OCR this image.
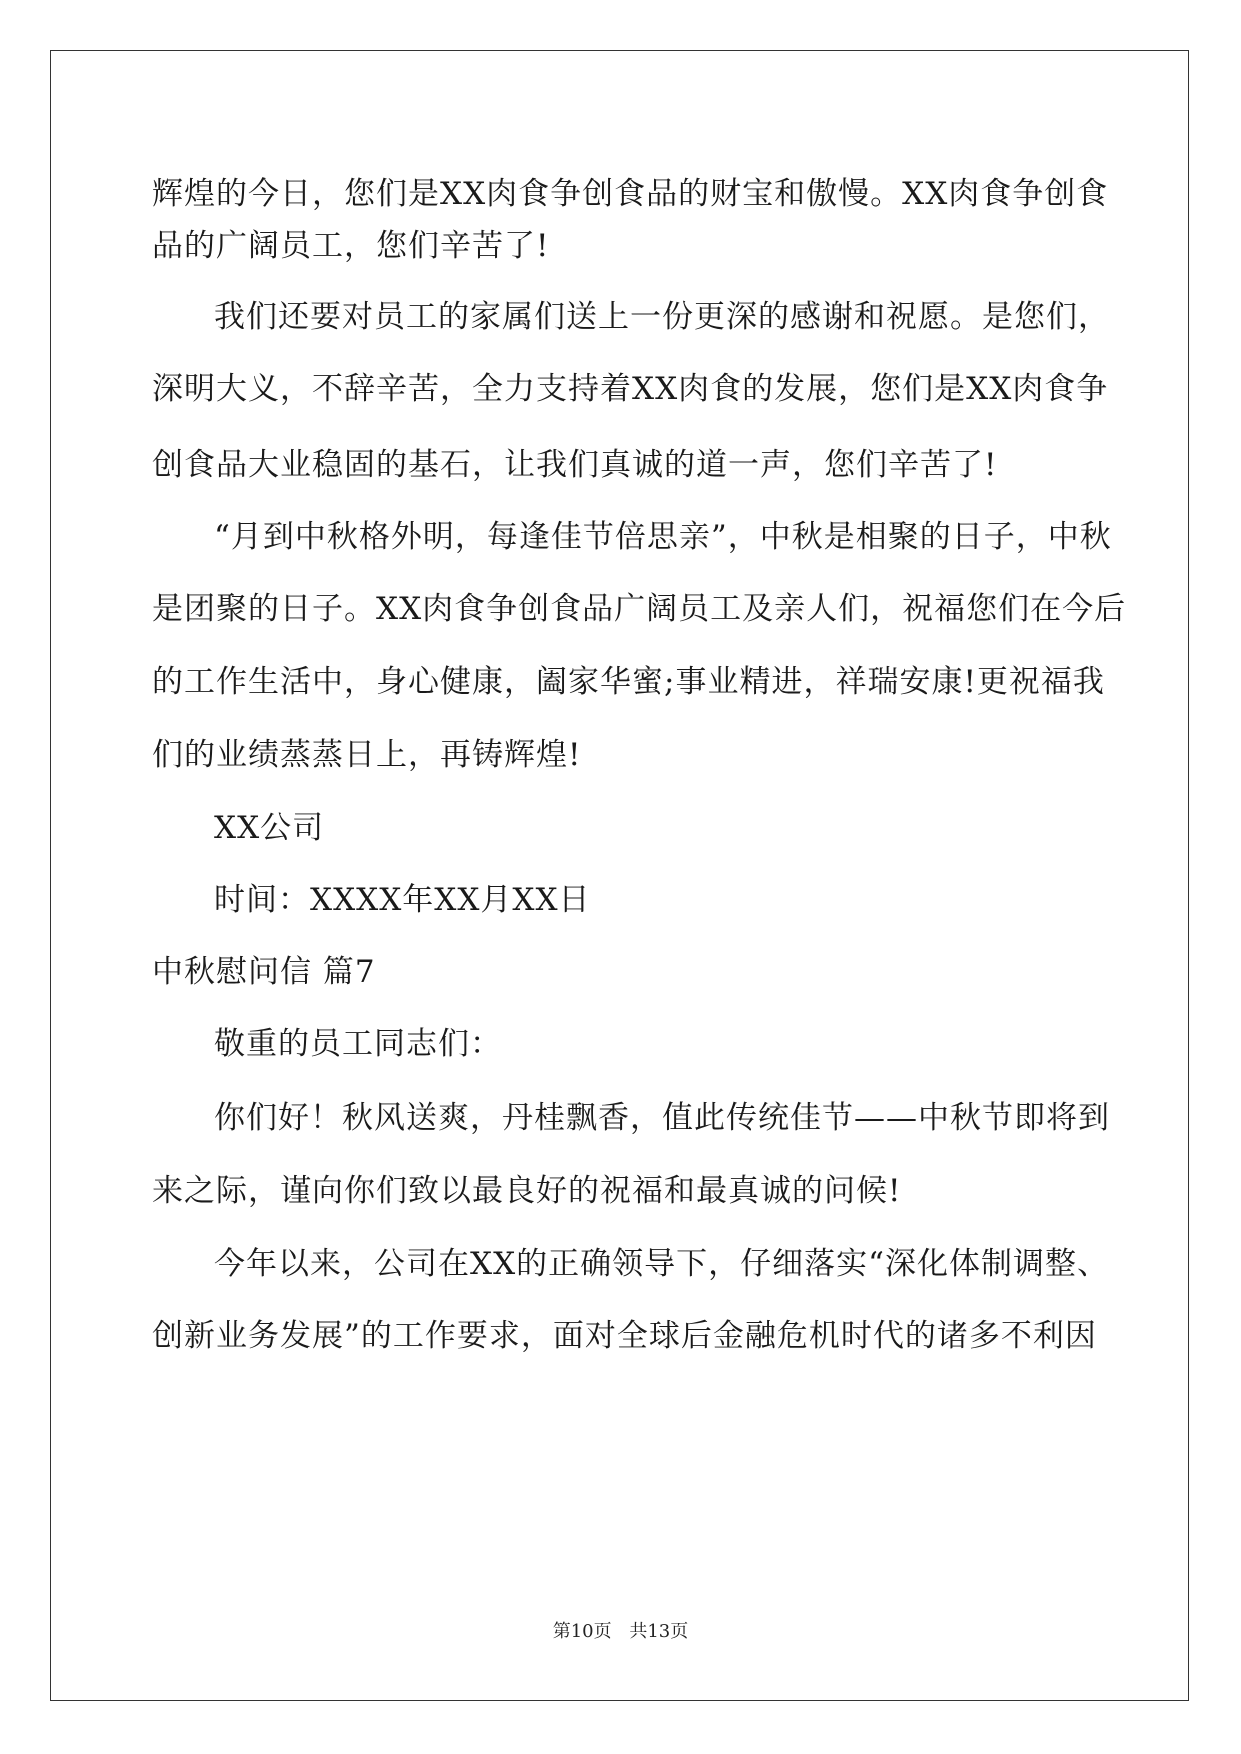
辉煌的今日，您们是XX肉食争创食品的财宝和傲慢。XX肉食争创食
品的广阔员工，您们辛苦了!
我们还要对员工的家属们送上一份更深的感谢和祝愿。是您们，
深明大义，不辞辛苦，全力支持着XX肉食的发展，您们是XX肉食争
创食品大业稳固的基石，让我们真诚的道一声，您们辛苦了!
“月到中秋格外明，每逢佳节倍思亲”，中秋是相聚的日子，中秋
是团聚的日子。XX肉食争创食品广阔员工及亲人们，祝福您们在今后
的工作生活中，身心健康，阖家华蜜;事业精进，祥瑞安康!更祝福我
们的业绩蒸蒸日上，再铸辉煌!
XX公司
时间：XXXX年XX月XX日
中秋慰问信 篇7
敬重的员工同志们：
你们好！秋风送爽，丹桂飘香，值此传统佳节——中秋节即将到
来之际，谨向你们致以最良好的祝福和最真诚的问候!
今年以来，公司在XX的正确领导下，仔细落实“深化体制调整、
创新业务发展”的工作要求，面对全球后金融危机时代的诸多不利因
第10页 共13页
